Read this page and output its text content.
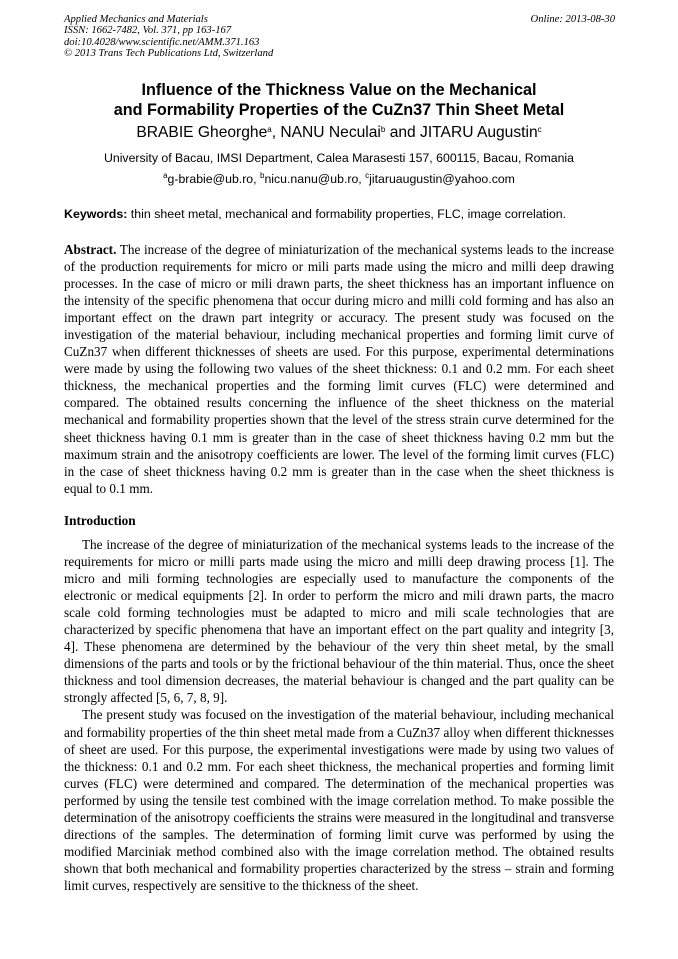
Applied Mechanics and Materials
ISSN: 1662-7482, Vol. 371, pp 163-167
doi:10.4028/www.scientific.net/AMM.371.163
© 2013 Trans Tech Publications Ltd, Switzerland
Online: 2013-08-30
Influence of the Thickness Value on the Mechanical
and Formability Properties of the CuZn37 Thin Sheet Metal
BRABIE Gheorghe$^a$, NANU Neculai$^b$ and JITARU Augustin$^c$
University of Bacau, IMSI Department, Calea Marasesti 157, 600115, Bacau, Romania
$^a$g-brabie@ub.ro, $^b$nicu.nanu@ub.ro, $^c$jitaruaugustin@yahoo.com
Keywords: thin sheet metal, mechanical and formability properties, FLC, image correlation.
Abstract. The increase of the degree of miniaturization of the mechanical systems leads to the increase of the production requirements for micro or mili parts made using the micro and milli deep drawing processes. In the case of micro or mili drawn parts, the sheet thickness has an important influence on the intensity of the specific phenomena that occur during micro and milli cold forming and has also an important effect on the drawn part integrity or accuracy. The present study was focused on the investigation of the material behaviour, including mechanical properties and forming limit curve of CuZn37 when different thicknesses of sheets are used. For this purpose, experimental determinations were made by using the following two values of the sheet thickness: 0.1 and 0.2 mm. For each sheet thickness, the mechanical properties and the forming limit curves (FLC) were determined and compared. The obtained results concerning the influence of the sheet thickness on the material mechanical and formability properties shown that the level of the stress strain curve determined for the sheet thickness having 0.1 mm is greater than in the case of sheet thickness having 0.2 mm but the maximum strain and the anisotropy coefficients are lower. The level of the forming limit curves (FLC) in the case of sheet thickness having 0.2 mm is greater than in the case when the sheet thickness is equal to 0.1 mm.
Introduction

The increase of the degree of miniaturization of the mechanical systems leads to the increase of the requirements for micro or milli parts made using the micro and milli deep drawing process [1]. The micro and mili forming technologies are especially used to manufacture the components of the electronic or medical equipments [2]. In order to perform the micro and mili drawn parts, the macro scale cold forming technologies must be adapted to micro and mili scale technologies that are characterized by specific phenomena that have an important effect on the part quality and integrity [3, 4]. These phenomena are determined by the behaviour of the very thin sheet metal, by the small dimensions of the parts and tools or by the frictional behaviour of the thin material. Thus, once the sheet thickness and tool dimension decreases, the material behaviour is changed and the part quality can be strongly affected [5, 6, 7, 8, 9].

The present study was focused on the investigation of the material behaviour, including mechanical and formability properties of the thin sheet metal made from a CuZn37 alloy when different thicknesses of sheet are used. For this purpose, the experimental investigations were made by using two values of the thickness: 0.1 and 0.2 mm. For each sheet thickness, the mechanical properties and forming limit curves (FLC) were determined and compared. The determination of the mechanical properties was performed by using the tensile test combined with the image correlation method. To make possible the determination of the anisotropy coefficients the strains were measured in the longitudinal and transverse directions of the samples. The determination of forming limit curve was performed by using the modified Marciniak method combined also with the image correlation method. The obtained results shown that both mechanical and formability properties characterized by the stress – strain and forming limit curves, respectively are sensitive to the thickness of the sheet.
